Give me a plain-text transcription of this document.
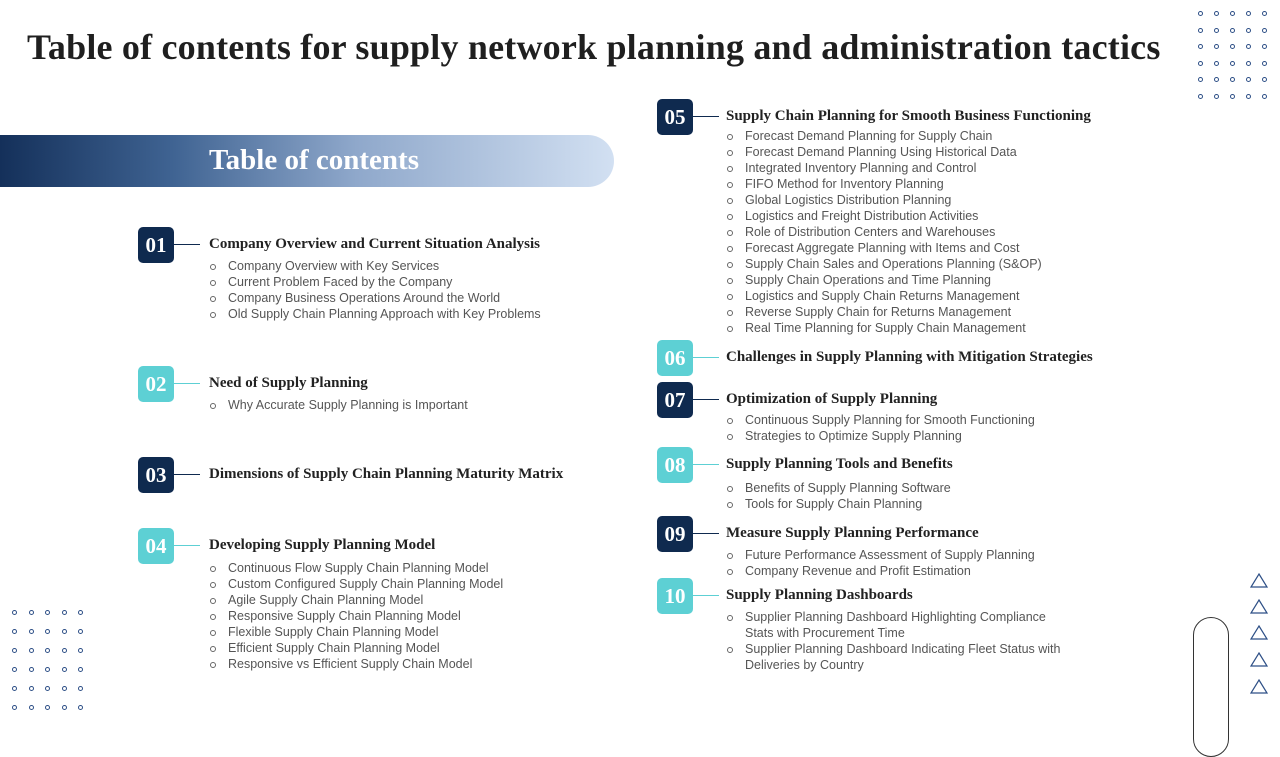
Table of contents for supply network planning and administration tactics
Table of contents
01	Company Overview and Current Situation Analysis
Company Overview with Key Services
Current Problem Faced by the Company
Company Business Operations Around the World
Old Supply Chain Planning Approach with Key Problems
02	Need of Supply Planning
Why Accurate Supply Planning is Important
03	Dimensions of Supply Chain Planning Maturity Matrix
04	Developing Supply Planning Model
Continuous Flow Supply Chain Planning Model
Custom Configured Supply Chain Planning Model
Agile Supply Chain Planning Model
Responsive Supply Chain Planning Model
Flexible Supply Chain Planning Model
Efficient Supply Chain Planning Model
Responsive vs Efficient Supply Chain Model
05	Supply Chain Planning for Smooth Business Functioning
Forecast Demand Planning for Supply Chain
Forecast Demand Planning Using Historical Data
Integrated Inventory Planning and Control
FIFO Method for Inventory Planning
Global Logistics Distribution Planning
Logistics and Freight Distribution Activities
Role of Distribution Centers and Warehouses
Forecast Aggregate Planning with Items and Cost
Supply Chain Sales and Operations Planning (S&OP)
Supply Chain Operations and Time Planning
Logistics and Supply Chain Returns Management
Reverse Supply Chain for Returns Management
Real Time Planning for Supply Chain Management
06	Challenges in Supply Planning with Mitigation Strategies
07	Optimization of Supply Planning
Continuous Supply Planning for Smooth Functioning
Strategies to Optimize Supply Planning
08	Supply Planning Tools and Benefits
Benefits of Supply Planning Software
Tools for Supply Chain Planning
09	Measure Supply Planning Performance
Future Performance Assessment of Supply Planning
Company Revenue and Profit Estimation
10	Supply Planning Dashboards
Supplier Planning Dashboard Highlighting Compliance
Stats with Procurement Time
Supplier Planning Dashboard Indicating Fleet Status with
Deliveries by Country
